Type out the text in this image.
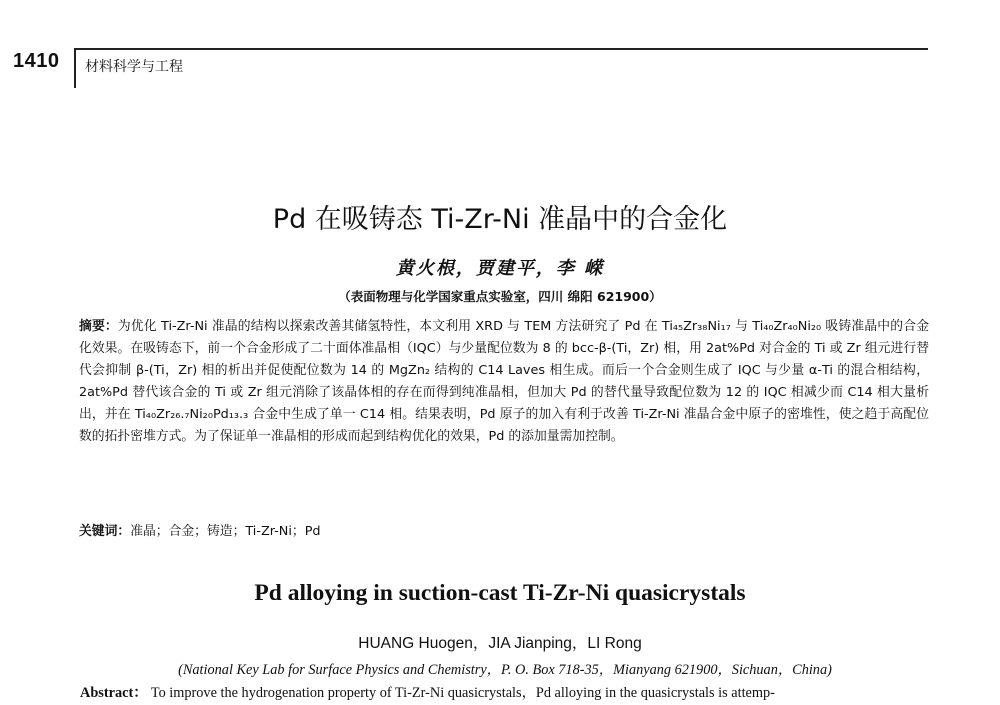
1410 材料科学与工程
Pd 在吸铸态 Ti-Zr-Ni 准晶中的合金化
黄火根，贾建平，李 嵘
（表面物理与化学国家重点实验室，四川 绵阳 621900）
摘要：为优化 Ti-Zr-Ni 准晶的结构以探索改善其储氢特性，本文利用 XRD 与 TEM 方法研究了 Pd 在 Ti₄₅Zr₃₈Ni₁₇ 与 Ti₄₀Zr₄₀Ni₂₀ 吸铸准晶中的合金化效果。在吸铸态下，前一个合金形成了二十面体准晶相（IQC）与少量配位数为 8 的 bcc-β-(Ti，Zr) 相，用 2at%Pd 对合金的 Ti 或 Zr 组元进行替代会抑制 β-(Ti，Zr) 相的析出并促使配位数为 14 的 MgZn₂ 结构的 C14 Laves 相生成。而后一个合金则生成了 IQC 与少量 α-Ti 的混合相结构，2at%Pd 替代该合金的 Ti 或 Zr 组元消除了该晶体相的存在而得到纯准晶相，但加大 Pd 的替代量导致配位数为 12 的 IQC 相减少而 C14 相大量析出，并在 Ti₄₀Zr₂₆.₇Ni₂₀Pd₁₃.₃ 合金中生成了单一 C14 相。结果表明，Pd 原子的加入有利于改善 Ti-Zr-Ni 准晶合金中原子的密堆性，使之趋于高配位数的拓扑密堆方式。为了保证单一准晶相的形成而起到结构优化的效果，Pd 的添加量需加控制。
关键词：准晶；合金；铸造；Ti-Zr-Ni；Pd
Pd alloying in suction-cast Ti-Zr-Ni quasicrystals
HUANG Huogen，JIA Jianping，LI Rong
(National Key Lab for Surface Physics and Chemistry，P. O. Box 718-35，Mianyang 621900，Sichuan，China)
Abstract： To improve the hydrogenation property of Ti-Zr-Ni quasicrystals，Pd alloying in the quasicrystals is attemp-
